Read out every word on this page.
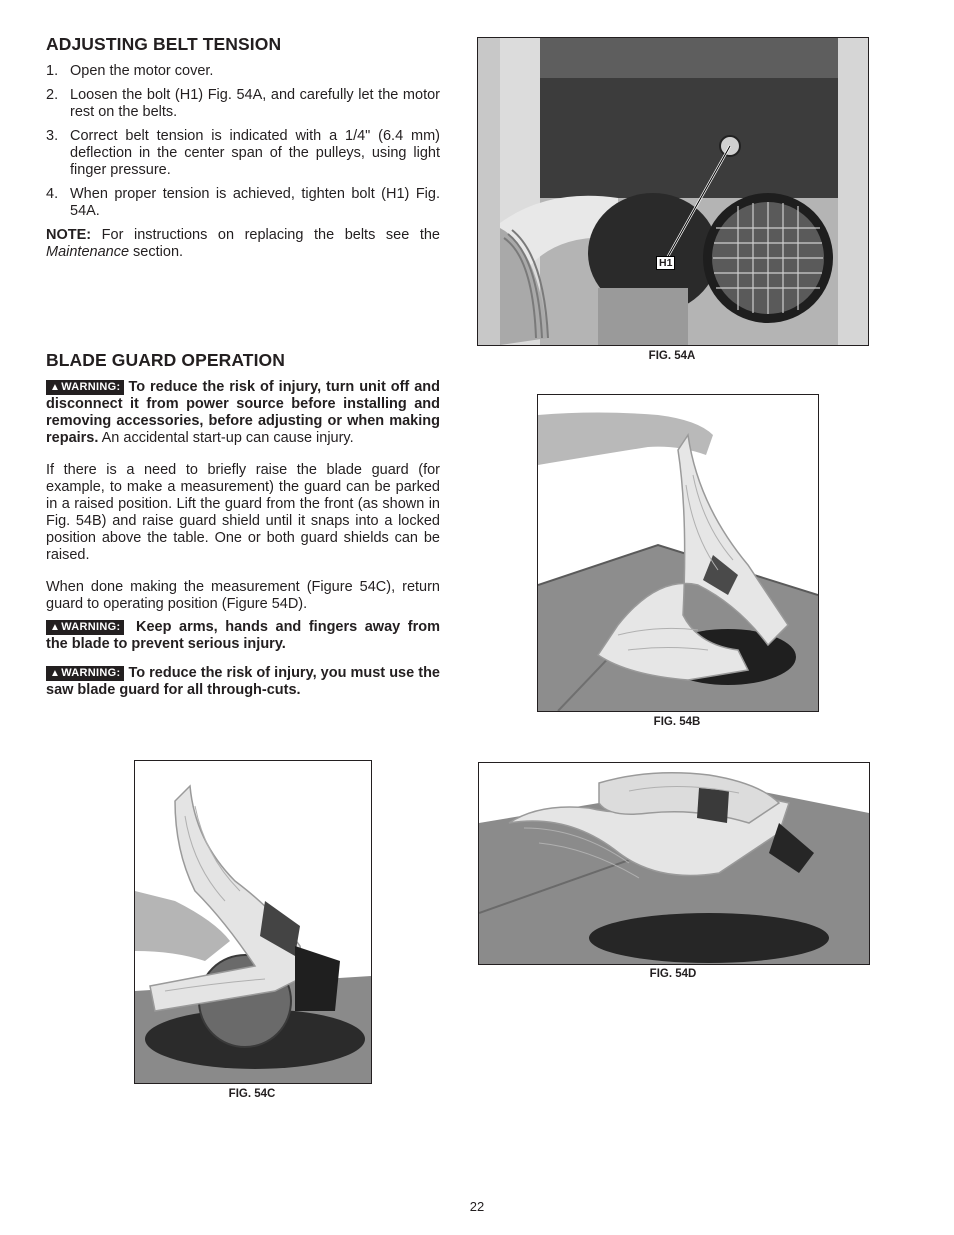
ADJUSTING BELT TENSION
1. Open the motor cover.
2. Loosen the bolt (H1) Fig. 54A, and carefully let the motor rest on the belts.
3. Correct belt tension is indicated with a 1/4" (6.4 mm) deflection in the center span of the pulleys, using light finger pressure.
4. When proper tension is achieved, tighten bolt (H1) Fig. 54A.

NOTE: For instructions on replacing the belts see the Maintenance section.

BLADE GUARD OPERATION

▲WARNING: To reduce the risk of injury, turn unit off and disconnect it from power source before installing and removing accessories, before adjusting or when making repairs. An accidental start-up can cause injury.

If there is a need to briefly raise the blade guard (for example, to make a measurement) the guard can be parked in a raised position. Lift the guard from the front (as shown in Fig. 54B) and raise guard shield until it snaps into a locked position above the table. One or both guard shields can be raised.

When done making the measurement (Figure 54C), return guard to operating position (Figure 54D).

▲WARNING: Keep arms, hands and fingers away from the blade to prevent serious injury.

▲WARNING: To reduce the risk of injury, you must use the saw blade guard for all through-cuts.

H1
FIG. 54A
FIG. 54B
FIG. 54C
FIG. 54D
22
